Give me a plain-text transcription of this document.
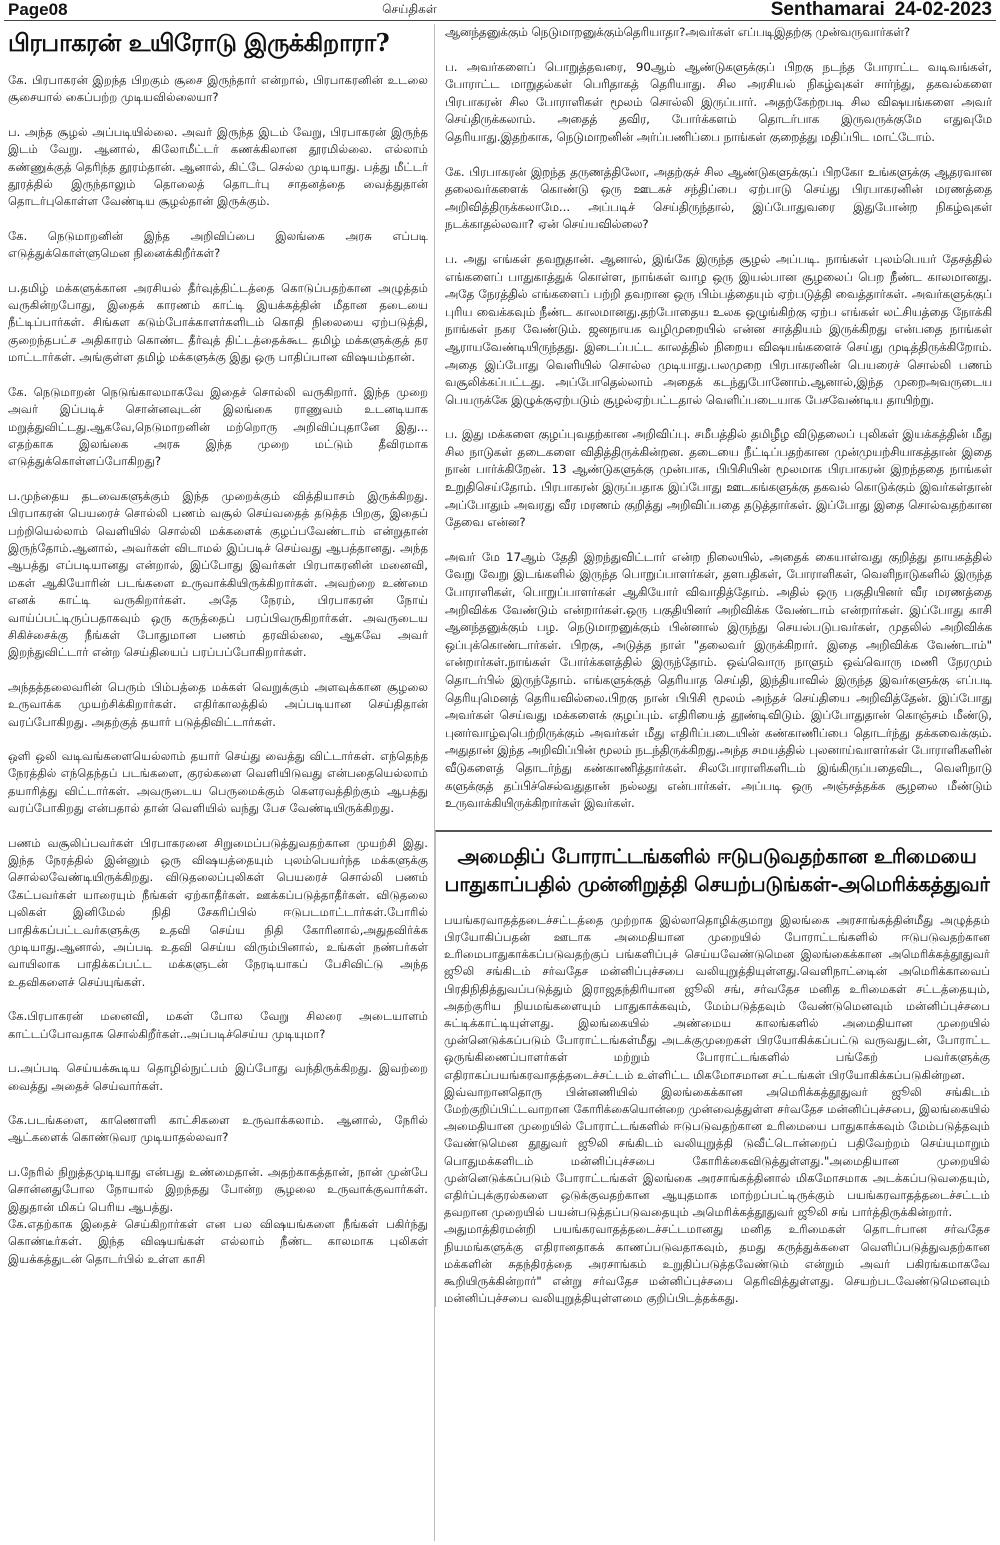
Page08	செய்திகள்	Senthamarai 24-02-2023
பிரபாகரன் உயிரோடு இருக்கிறாரா?

கே. பிரபாகரன் இறந்த பிறகும் சூசை இருந்தார் என்றால், பிரபாகரனின் உடலை சூசையால் கைப்பற்ற முடியவில்லையா?

ப. அந்த சூழல் அப்படியில்லை. அவர் இருந்த இடம் வேறு, பிரபாகரன் இருந்த இடம் வேறு. ஆனால், கிலோமீட்டர் கணக்கிலான தூரமில்லை. எல்லாம் கண்ணுக்குத் தெரிந்த தூரம்தான். ஆனால், கிட்டே செல்ல முடியாது. பத்து மீட்டர் தூரத்தில் இருந்தாலும் தொலைத் தொடர்பு சாதனத்தை வைத்துதான் தொடர்புகொள்ள வேண்டிய சூழல்தான் இருக்கும்.

கே. நெடுமாறனின் இந்த அறிவிப்பை இலங்கை அரசு எப்படி எடுத்துக்கொள்ளுமென நினைக்கிறீர்கள்?

ப.தமிழ் மக்களுக்கான அரசியல் தீர்வுத்திட்டத்தை கொடுப்பதற்கான அழுத்தம் வருகின்றபோது, இதைக் காரணம் காட்டி இயக்கத்தின் மீதான தடையை நீட்டிப்பார்கள். சிங்கள கடும்போக்காளர்களிடம் கொதி நிலையை ஏற்படுத்தி, குறைந்தபட்ச அதிகாரம் கொண்ட தீர்வுத் திட்டத்தைக்கூட தமிழ் மக்களுக்குத் தர மாட்டார்கள். அங்குள்ள தமிழ் மக்களுக்கு இது ஒரு பாதிப்பான விஷயம்தான்.

கே. நெடுமாறன் நெடுங்காலமாகவே இதைச் சொல்லி வருகிறார். இந்த முறை அவர் இப்படிச் சொன்னவுடன் இலங்கை ராணுவம் உடனடியாக மறுத்துவிட்டது.ஆகவே,நெடுமாறனின் மற்றொரு அறிவிப்புதானே இது... எதற்காக இலங்கை அரசு இந்த முறை மட்டும் தீவிரமாக எடுத்துக்கொள்ளப்போகிறது?

ப.முந்தைய தடவைகளுக்கும் இந்த முறைக்கும் வித்தியாசம் இருக்கிறது. பிரபாகரன் பெயரைச் சொல்லி பணம் வசூல் செய்வதைத் தடுத்த பிறகு, இதைப் பற்றியெல்லாம் வெளியில் சொல்லி மக்களைக் குழப்பவேண்டாம் என்றுதான் இருந்தோம்.ஆனால், அவர்கள் விடாமல் இப்படிச் செய்வது ஆபத்தானது. அந்த ஆபத்து எப்படியானது என்றால், இப்போது இவர்கள் பிரபாகரனின் மனைவி, மகள் ஆகியோரின் படங்களை உருவாக்கியிருக்கிறார்கள். அவற்றை உண்மை எனக் காட்டி வருகிறார்கள். அதே நேரம், பிரபாகரன் நோய் வாய்ப்பட்டிருப்பதாகவும் ஒரு கருத்தைப் பரப்பிவருகிறார்கள். அவருடைய சிகிச்சைக்கு நீங்கள் போதுமான பணம் தரவில்லை, ஆகவே அவர் இறந்துவிட்டார் என்ற செய்தியைப் பரப்பப்போகிறார்கள்.

அந்தத்தலைவரின் பெரும் பிம்பத்தை மக்கள் வெறுக்கும் அளவுக்கான சூழலை உருவாக்க முயற்சிக்கிறார்கள். எதிர்காலத்தில் அப்படியான செய்திதான் வரப்போகிறது. அதற்குத் தயார் படுத்திவிட்டார்கள்.

ஒளி ஒலி வடிவங்களையெல்லாம் தயார் செய்து வைத்து விட்டார்கள். எந்தெந்த நேரத்தில் எந்தெந்தப் படங்களை, குரல்களை வெளியிடுவது என்பதையெல்லாம் தயாரித்து விட்டார்கள். அவருடைய பெருமைக்கும் கௌரவத்திற்கும் ஆபத்து வரப்போகிறது என்பதால் தான் வெளியில் வந்து பேச வேண்டியிருக்கிறது.

பணம் வசூலிப்பவர்கள் பிரபாகரனை சிறுமைப்படுத்துவதற்கான முயற்சி இது. இந்த நேரத்தில் இன்னும் ஒரு விஷயத்தையும் புலம்பெயர்ந்த மக்களுக்கு சொல்லவேண்டியிருக்கிறது. விடுதலைப்புலிகள் பெயரைச் சொல்லி பணம் கேட்பவர்கள் யாரையும் நீங்கள் ஏற்காதீர்கள். ஊக்கப்படுத்தாதீர்கள். விடுதலை புலிகள் இனிமேல் நிதி சேகரிப்பில் ஈடுபடமாட்டார்கள்.போரில் பாதிக்கப்பட்டவர்களுக்கு உதவி செய்ய நிதி கோரினால்,அதுதவிர்க்க முடியாது.ஆனால், அப்படி உதவி செய்ய விரும்பினால், உங்கள் நண்பர்கள் வாயிலாக பாதிக்கப்பட்ட மக்களுடன் நேரடியாகப் பேசிவிட்டு அந்த உதவிகளைச் செய்யுங்கள்.

கே.பிரபாகரன் மனைவி, மகள் போல வேறு சிலரை அடையாளம் காட்டப்போவதாக சொல்கிறீர்கள்..அப்படிச்செய்ய முடியுமா?

ப.அப்படி செய்யக்கூடிய தொழில்நுட்பம் இப்போது வந்திருக்கிறது. இவற்றை வைத்து அதைச் செய்வார்கள்.

கே.படங்களை, காணொளி காட்சிகளை உருவாக்கலாம். ஆனால், நேரில் ஆட்களைக் கொண்டுவர முடியாதல்லவா?

ப.நேரில் நிறுத்தமுடியாது என்பது உண்மைதான். அதற்காகத்தான், நான் முன்பே சொன்னதுபோல நோயால் இறந்தது போன்ற சூழலை உருவாக்குவார்கள். இதுதான் மிகப் பெரிய ஆபத்து.
கே.எதற்காக இதைச் செய்கிறார்கள் என பல விஷயங்களை நீங்கள் பகிர்ந்து கொண்டீர்கள். இந்த விஷயங்கள் எல்லாம் நீண்ட காலமாக புலிகள் இயக்கத்துடன் தொடர்பில் உள்ள காசி

ஆனந்தனுக்கும் நெடுமாறனுக்கும்தெரியாதா?அவர்கள் எப்படிஇதற்கு முன்வருவார்கள்?

ப. அவர்களைப் பொறுத்தவரை, 90ஆம் ஆண்டுகளுக்குப் பிறகு நடந்த போராட்ட வடிவங்கள், போராட்ட மாறுதல்கள் பெரிதாகத் தெரியாது. சில அரசியல் நிகழ்வுகள் சார்ந்து, தகவல்களை பிரபாகரன் சில போராளிகள் மூலம் சொல்லி இருப்பார். அதற்கேற்றபடி சில விஷயங்களை அவர் செய்திருக்கலாம். அதைத் தவிர, போர்க்களம் தொடர்பாக இருவருக்குமே எதுவுமே தெரியாது.இதற்காக, நெடுமாறனின் அர்ப்பணிப்பை நாங்கள் குறைத்து மதிப்பிட மாட்டோம்.

கே. பிரபாகரன் இறந்த தருணத்திலோ, அதற்குச் சில ஆண்டுகளுக்குப் பிறகோ உங்களுக்கு ஆதரவான தலைவர்களைக் கொண்டு ஒரு ஊடகச் சந்திப்பை ஏற்பாடு செய்து பிரபாகரனின் மரணத்தை அறிவித்திருக்கலாமே... அப்படிச் செய்திருந்தால், இப்போதுவரை இதுபோன்ற நிகழ்வுகள் நடக்காதல்லவா? ஏன் செய்யவில்லை?

ப. அது எங்கள் தவறுதான். ஆனால், இங்கே இருந்த சூழல் அப்படி. நாங்கள் புலம்பெயர் தேசத்தில் எங்களைப் பாதுகாத்துக் கொள்ள, நாங்கள் வாழ ஒரு இயல்பான சூழலைப் பெற நீண்ட காலமானது. அதே நேரத்தில் எங்களைப் பற்றி தவறான ஒரு பிம்பத்தையும் ஏற்படுத்தி வைத்தார்கள். அவர்களுக்குப் புரிய வைக்கவும் நீண்ட காலமானது.தற்போதைய உலக ஒழுங்கிற்கு ஏற்ப எங்கள் லட்சியத்தை நோக்கி நாங்கள் நகர வேண்டும். ஜனநாயக வழிமுறையில் என்ன சாத்தியம் இருக்கிறது என்பதை நாங்கள் ஆராயவேண்டியிருந்தது. இடைப்பட்ட காலத்தில் நிறைய விஷயங்களைச் செய்து முடித்திருக்கிறோம். அதை இப்போது வெளியில் சொல்ல முடியாது.பலமுறை பிரபாகரனின் பெயரைச் சொல்லி பணம் வசூலிக்கப்பட்டது. அப்போதெல்லாம் அதைக் கடந்துபோனோம்.ஆனால்,இந்த முறைஅவருடைய பெயருக்கே இழுக்குஏற்படும் சூழல்ஏற்பட்டதால் வெளிப்படையாக பேசவேண்டிய தாயிற்று.

ப. இது மக்களை குழப்புவதற்கான அறிவிப்பு. சமீபத்தில் தமிழீழ விடுதலைப் புலிகள் இயக்கத்தின் மீது சில நாடுகள் தடைகளை விதித்திருக்கின்றன. தடையை நீட்டிப்பதற்கான முன்முயற்சியாகத்தான் இதை நான் பார்க்கிறேன். 13 ஆண்டுகளுக்கு முன்பாக, பிபிசியின் மூலமாக பிரபாகரன் இறந்ததை நாங்கள் உறுதிசெய்தோம். பிரபாகரன் இருப்பதாக இப்போது ஊடகங்களுக்கு தகவல் கொடுக்கும் இவர்கள்தான் அப்போதும் அவரது வீர மரணம் குறித்து அறிவிப்பதை தடுத்தார்கள். இப்போது இதை சொல்வதற்கான தேவை என்ன?

அவர் மே 17ஆம் தேதி இறந்துவிட்டார் என்ற நிலையில், அதைக் கையாள்வது குறித்து தாயகத்தில் வேறு வேறு இடங்களில் இருந்த பொறுப்பாளர்கள், தளபதிகள், போராளிகள், வெளிநாடுகளில் இருந்த போராளிகள், பொறுப்பாளர்கள் ஆகியோர் விவாதித்தோம். அதில் ஒரு பகுதியினர் வீர மரணத்தை அறிவிக்க வேண்டும் என்றார்கள்.ஒரு பகுதியினர் அறிவிக்க வேண்டாம் என்றார்கள். இப்போது காசி ஆனந்தனுக்கும் பழ. நெடுமாறனுக்கும் பின்னால் இருந்து செயல்படுபவர்கள், முதலில் அறிவிக்க ஒப்புக்கொண்டார்கள். பிறகு, அடுத்த நாள் "தலைவர் இருக்கிறார். இதை அறிவிக்க வேண்டாம்" என்றார்கள்.நாங்கள் போர்க்களத்தில் இருந்தோம். ஒவ்வொரு நாளும் ஒவ்வொரு மணி நேரமும் தொடர்பில் இருந்தோம். எங்களுக்குத் தெரியாத செய்தி, இந்தியாவில் இருந்த இவர்களுக்கு எப்படி தெரியுமெனத் தெரியவில்லை.பிறகு நான் பிபிசி மூலம் அந்தச் செய்தியை அறிவித்தேன். இப்போது அவர்கள் செய்வது மக்களைக் குழப்பும். எதிரியைத் தூண்டிவிடும். இப்போதுதான் கொஞ்சம் மீண்டு, புனர்வாழ்வுபெற்றிருக்கும் அவர்கள் மீது எதிரிப்படையின் கண்காணிப்பை தொடர்ந்து தக்கவைக்கும். அதுதான் இந்த அறிவிப்பின் மூலம் நடந்திருக்கிறது.அந்த சமயத்தில் புலனாய்வாளர்கள் போராளிகளின் வீடுகளைத் தொடர்ந்து கண்காணித்தார்கள். சிலபோராளிகளிடம் இங்கிருப்பதைவிட, வெளிநாடு களுக்குத் தப்பிச்செல்வதுதான் நல்லது என்பார்கள். அப்படி ஒரு அஞ்சத்தக்க சூழலை மீண்டும் உருவாக்கியிருக்கிறார்கள் இவர்கள்.

அமைதிப் போராட்டங்களில் ஈடுபடுவதற்கான உரிமையை பாதுகாப்பதில் முன்னிறுத்தி செயற்படுங்கள்-அமெரிக்கத்துவர்

பயங்கரவாதத்தடைச்சட்டத்தை முற்றாக இல்லாதொழிக்குமாறு இலங்கை அரசாங்கத்தின்மீது அழுத்தம் பிரயோகிப்பதன் ஊடாக அமைதியான முறையில் போராட்டங்களில் ஈடுபடுவதற்கான உரிமைபாதுகாக்கப்படுவதற்குப் பங்களிப்புச் செய்யவேண்டுமென இலங்கைக்கான அமெரிக்கத்தூதுவர் ஜூலி சங்கிடம் சர்வதேச மன்னிப்புச்சபை வலியுறுத்தியுள்ளது.வெளிநாட்டைின் அமெரிக்காவைப் பிரதிநிதித்துவப்படுத்தும் இராஜதந்திரியான ஜூலி சங், சர்வதேச மனித உரிமைகள் சட்டத்தையும், அதற்குரிய நியமங்களையும் பாதுகாக்கவும், மேம்படுத்தவும் வேண்டுமெனவும் மன்னிப்புச்சபை சுட்டிக்காட்டியுள்ளது. இலங்கையில் அண்மைய காலங்களில் அமைதியான முறையில் முன்னெடுக்கப்படும் போராட்டங்கள்மீது அடக்குமுறைகள் பிரயோகிக்கப்பட்டு வருவதுடன், போராட்ட ஒருங்கிணைப்பாளர்கள் மற்றும் போராட்டங்களில் பங்கேற் பவர்களுக்கு எதிராகப்பயங்கரவாதத்தடைச்சட்டம் உள்ளிட்ட மிகமோசமான சட்டங்கள் பிரயோகிக்கப்படுகின்றன.

இவ்வாறானதொரு பின்னணியில் இலங்கைக்கான அமெரிக்கத்தூதுவர் ஜூலி சங்கிடம் மேற்குறிப்பிட்டவாறான கோரிக்கையொன்றை முன்வைத்துள்ள சர்வதேச மன்னிப்புச்சபை, இலங்கையில் அமைதியான முறையில் போராட்டங்களில் ஈடுபடுவதற்கான உரிமையை பாதுகாக்கவும் மேம்படுத்தவும் வேண்டுமென தூதுவர் ஜூலி சங்கிடம் வலியுறுத்தி டுவீட்டொன்றைப் பதிவேற்றம் செய்யுமாறும் பொதுமக்களிடம் மன்னிப்புச்சபை கோரிக்கைவிடுத்துள்ளது."அமைதியான முறையில் முன்னெடுக்கப்படும் போராட்டங்கள் இலங்கை அரசாங்கத்தினால் மிகமோசமாக அடக்கப்படுவதையும், எதிர்ப்புக்குரல்களை ஒடுக்குவதற்கான ஆயுதமாக மாற்றப்பட்டிருக்கும் பயங்கரவாதத்தடைச்சட்டம் தவறான முறையில் பயன்படுத்தப்படுவதையும் அமெரிக்கத்தூதுவர் ஜூலி சங் பார்த்திருக்கின்றார்.

அதுமாத்திரமன்றி பயங்கரவாதத்தடைச்சட்டமானது மனித உரிமைகள் தொடர்பான சர்வதேச நியமங்களுக்கு எதிரானதாகக் காணப்படுவதாகவும், தமது கருத்துக்களை வெளிப்படுத்துவதற்கான மக்களின் சுதந்திரத்தை அரசாங்கம் உறுதிப்படுத்தவேண்டும் என்றும் அவர் பகிரங்கமாகவே கூறியிருக்கின்றார்" என்று சர்வதேச மன்னிப்புச்சபை தெரிவித்துள்ளது. செயற்படவேண்டுமெனவும் மன்னிப்புச்சபை வலியுறுத்தியுள்ளமை குறிப்பிடத்தக்கது.
